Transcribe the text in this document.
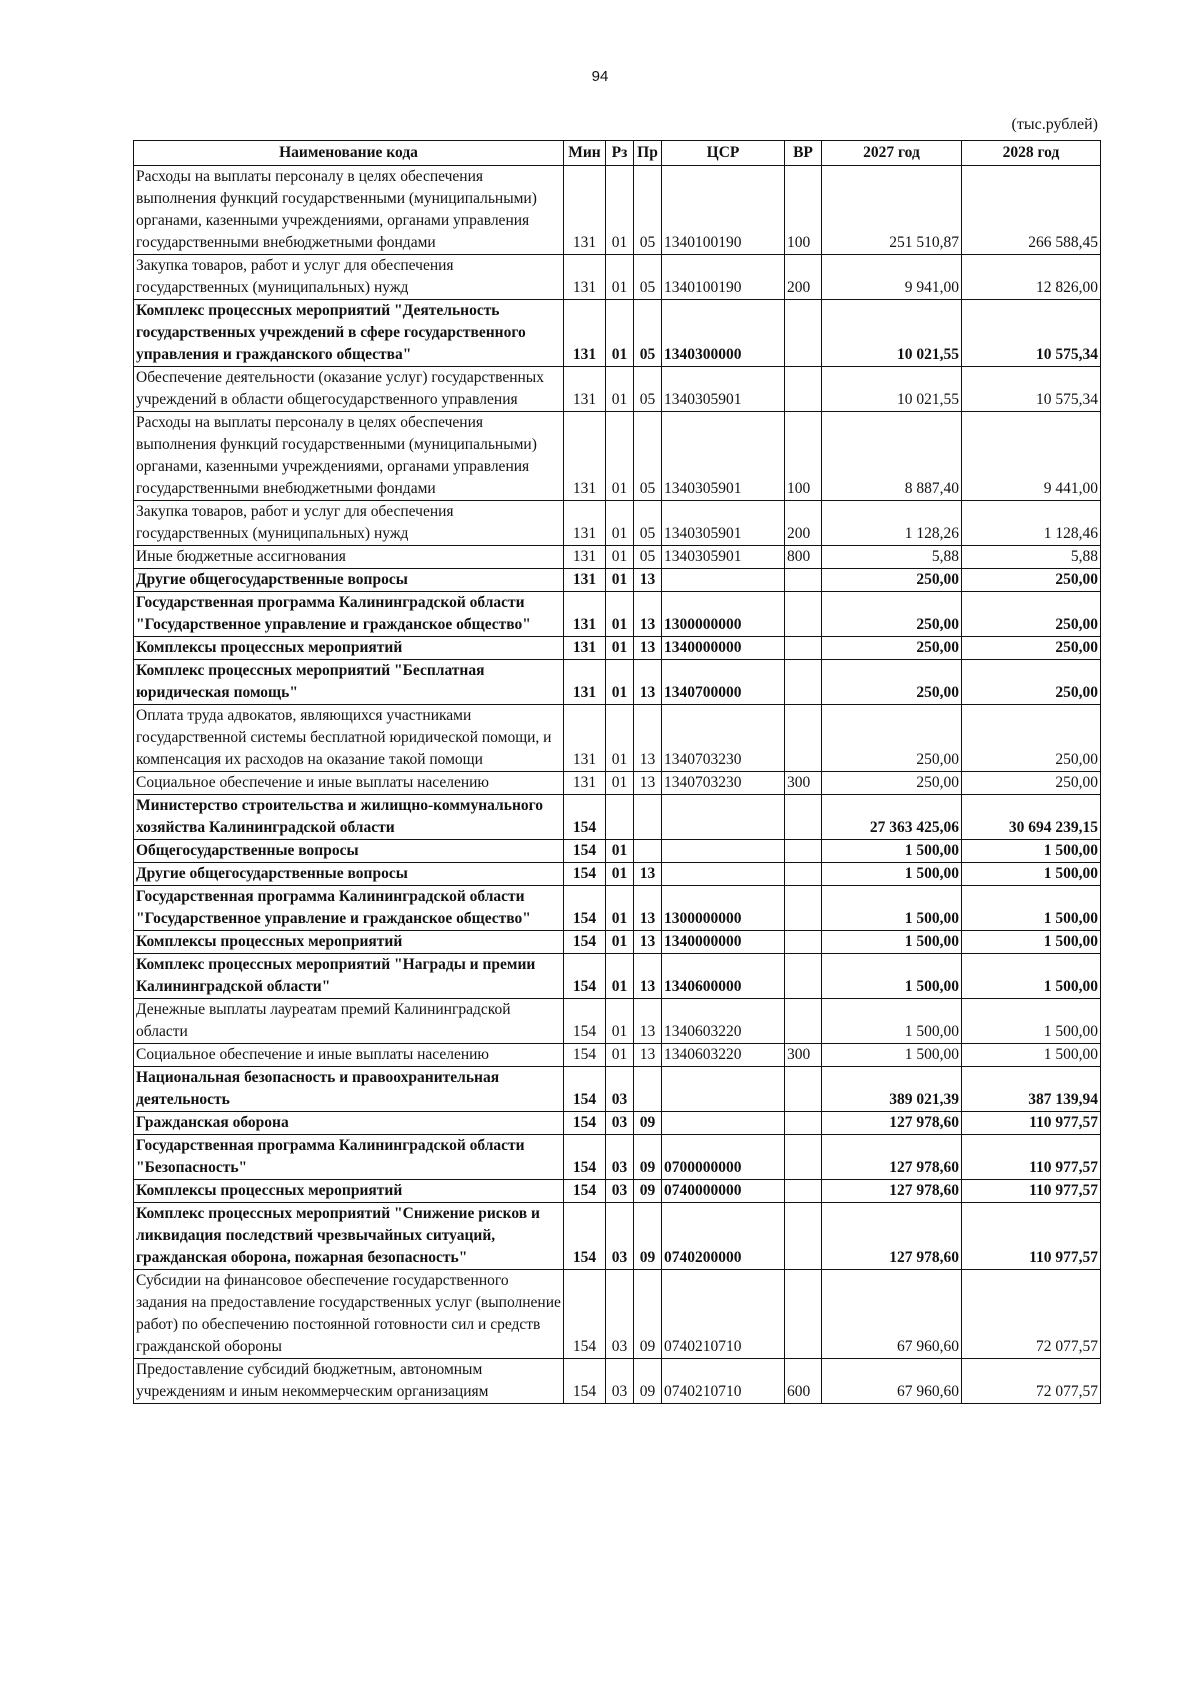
94
(тыс.рублей)
Наименование кода	Мин	Рз	Пр	ЦСР	ВР	2027 год	2028 год
Расходы на выплаты персоналу в целях обеспечения выполнения функций государственными (муниципальными) органами, казенными учреждениями, органами управления государственными внебюджетными фондами	131	01	05	1340100190	100	251 510,87	266 588,45
Закупка товаров, работ и услуг для обеспечения государственных (муниципальных) нужд	131	01	05	1340100190	200	9 941,00	12 826,00
Комплекс процессных мероприятий "Деятельность государственных учреждений в сфере государственного управления и гражданского общества"	131	01	05	1340300000		10 021,55	10 575,34
Обеспечение деятельности (оказание услуг) государственных учреждений в области общегосударственного управления	131	01	05	1340305901		10 021,55	10 575,34
Расходы на выплаты персоналу в целях обеспечения выполнения функций государственными (муниципальными) органами, казенными учреждениями, органами управления государственными внебюджетными фондами	131	01	05	1340305901	100	8 887,40	9 441,00
Закупка товаров, работ и услуг для обеспечения государственных (муниципальных) нужд	131	01	05	1340305901	200	1 128,26	1 128,46
Иные бюджетные ассигнования	131	01	05	1340305901	800	5,88	5,88
Другие общегосударственные вопросы	131	01	13			250,00	250,00
Государственная программа Калининградской области "Государственное управление и гражданское общество"	131	01	13	1300000000		250,00	250,00
Комплексы процессных мероприятий	131	01	13	1340000000		250,00	250,00
Комплекс процессных мероприятий "Бесплатная юридическая помощь"	131	01	13	1340700000		250,00	250,00
Оплата труда адвокатов, являющихся участниками государственной системы бесплатной юридической помощи, и компенсация их расходов на оказание такой помощи	131	01	13	1340703230		250,00	250,00
Социальное обеспечение и иные выплаты населению	131	01	13	1340703230	300	250,00	250,00
Министерство строительства и жилищно-коммунального хозяйства Калининградской области	154					27 363 425,06	30 694 239,15
Общегосударственные вопросы	154	01				1 500,00	1 500,00
Другие общегосударственные вопросы	154	01	13			1 500,00	1 500,00
Государственная программа Калининградской области "Государственное управление и гражданское общество"	154	01	13	1300000000		1 500,00	1 500,00
Комплексы процессных мероприятий	154	01	13	1340000000		1 500,00	1 500,00
Комплекс процессных мероприятий "Награды и премии Калининградской области"	154	01	13	1340600000		1 500,00	1 500,00
Денежные выплаты лауреатам премий Калининградской области	154	01	13	1340603220		1 500,00	1 500,00
Социальное обеспечение и иные выплаты населению	154	01	13	1340603220	300	1 500,00	1 500,00
Национальная безопасность и правоохранительная деятельность	154	03				389 021,39	387 139,94
Гражданская оборона	154	03	09			127 978,60	110 977,57
Государственная программа Калининградской области "Безопасность"	154	03	09	0700000000		127 978,60	110 977,57
Комплексы процессных мероприятий	154	03	09	0740000000		127 978,60	110 977,57
Комплекс процессных мероприятий "Снижение рисков и ликвидация последствий чрезвычайных ситуаций, гражданская оборона, пожарная безопасность"	154	03	09	0740200000		127 978,60	110 977,57
Субсидии на финансовое обеспечение государственного задания на предоставление государственных услуг (выполнение работ) по обеспечению постоянной готовности сил и средств гражданской обороны	154	03	09	0740210710		67 960,60	72 077,57
Предоставление субсидий бюджетным, автономным учреждениям и иным некоммерческим организациям	154	03	09	0740210710	600	67 960,60	72 077,57
